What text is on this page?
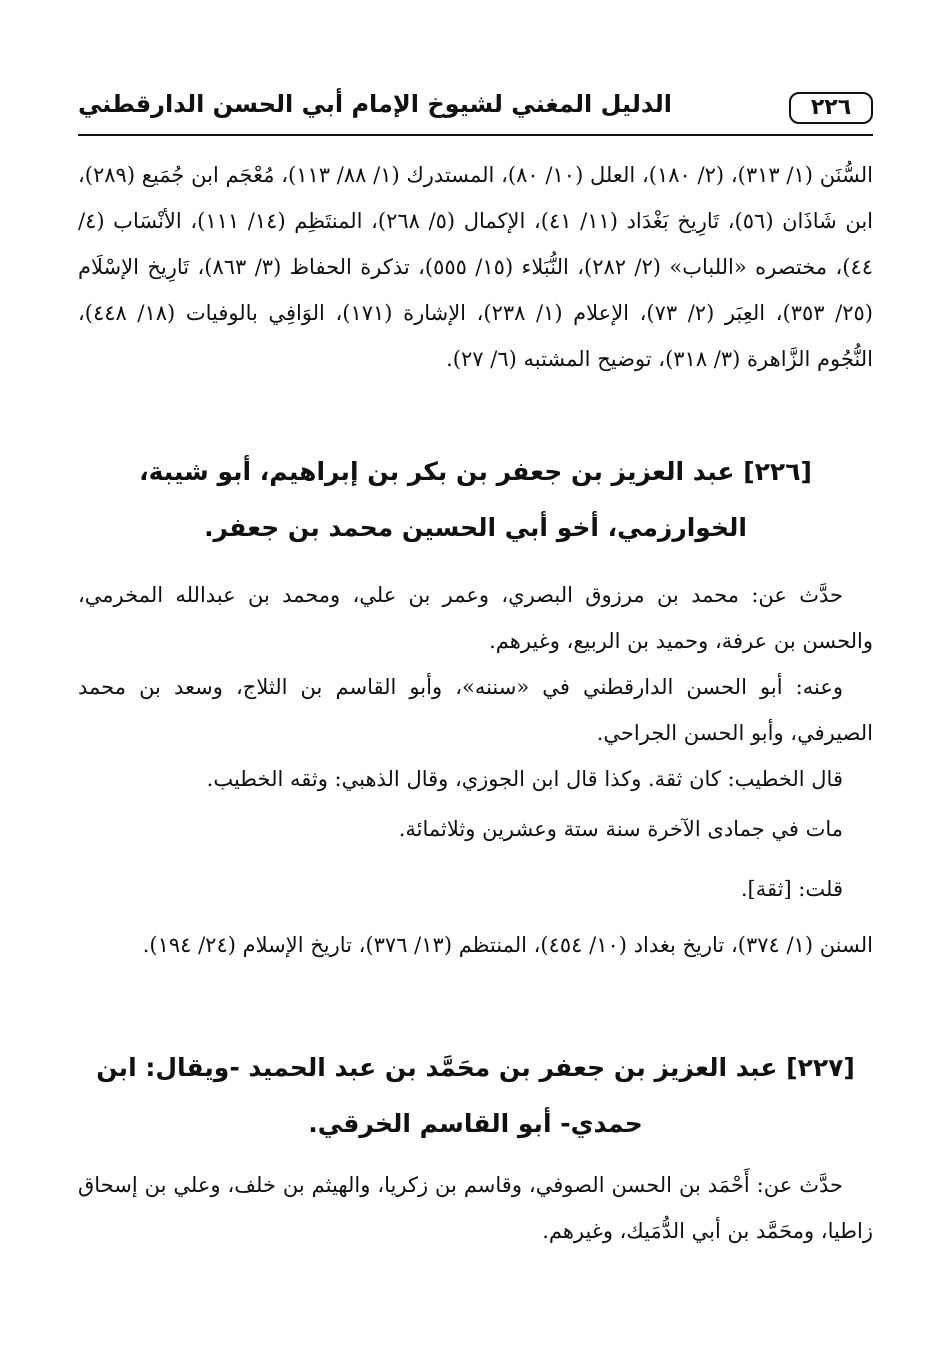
٢٢٦
الدليل المغني لشيوخ الإمام أبي الحسن الدارقطني

السُّنَن (١/ ٣١٣)، (٢/ ١٨٠)، العلل (١٠/ ٨٠)، المستدرك (١/ ٨٨/ ١١٣)، مُعْجَم ابن جُمَيع (٢٨٩)، ابن شَاذَان (٥٦)، تَارِيخ بَغْدَاد (١١/ ٤١)، الإكمال (٥/ ٢٦٨)، المنتَظِم (١٤/ ١١١)، الأنْسَاب (٤/ ٤٤)، مختصره «اللباب» (٢/ ٢٨٢)، النُّبَلاء (١٥/ ٥٥٥)، تذكرة الحفاظ (٣/ ٨٦٣)، تَارِيخ الإسْلَام (٢٥/ ٣٥٣)، العِبَر (٢/ ٧٣)، الإعلام (١/ ٢٣٨)، الإشارة (١٧١)، الوَافِي بالوفيات (١٨/ ٤٤٨)، النُّجُوم الزَّاهرة (٣/ ٣١٨)، توضيح المشتبه (٦/ ٢٧).

[٢٢٦] عبد العزيز بن جعفر بن بكر بن إبراهيم، أبو شيبة، الخوارزمي، أخو أبي الحسين محمد بن جعفر.

حدَّث عن: محمد بن مرزوق البصري، وعمر بن علي، ومحمد بن عبدالله المخرمي، والحسن بن عرفة، وحميد بن الربيع، وغيرهم.

وعنه: أبو الحسن الدارقطني في «سننه»، وأبو القاسم بن الثلاج، وسعد بن محمد الصيرفي، وأبو الحسن الجراحي.

قال الخطيب: كان ثقة. وكذا قال ابن الجوزي، وقال الذهبي: وثقه الخطيب.

مات في جمادى الآخرة سنة ستة وعشرين وثلاثمائة.

قلت: [ثقة].

السنن (١/ ٣٧٤)، تاريخ بغداد (١٠/ ٤٥٤)، المنتظم (١٣/ ٣٧٦)، تاريخ الإسلام (٢٤/ ١٩٤).

[٢٢٧] عبد العزيز بن جعفر بن محَمَّد بن عبد الحميد -ويقال: ابن حمدي- أبو القاسم الخرقي.

حدَّث عن: أَحْمَد بن الحسن الصوفي، وقاسم بن زكريا، والهيثم بن خلف، وعلي بن إسحاق زاطيا، ومحَمَّد بن أبي الدُّمَيك، وغيرهم.
